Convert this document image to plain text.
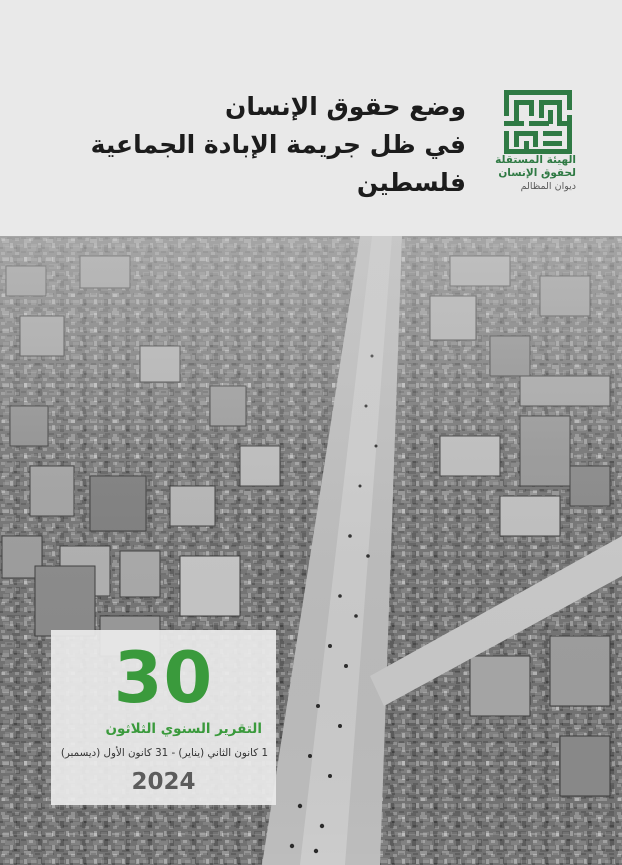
وضع حقوق الإنسان
في ظل جريمة الإبادة الجماعية
فلسطين
الهيئة المستقلة
لحقوق الإنسان
ديوان المظالم
30
التقرير السنوي الثلاثون
1 كانون الثاني (يناير) - 31 كانون الأول (ديسمبر)
2024
